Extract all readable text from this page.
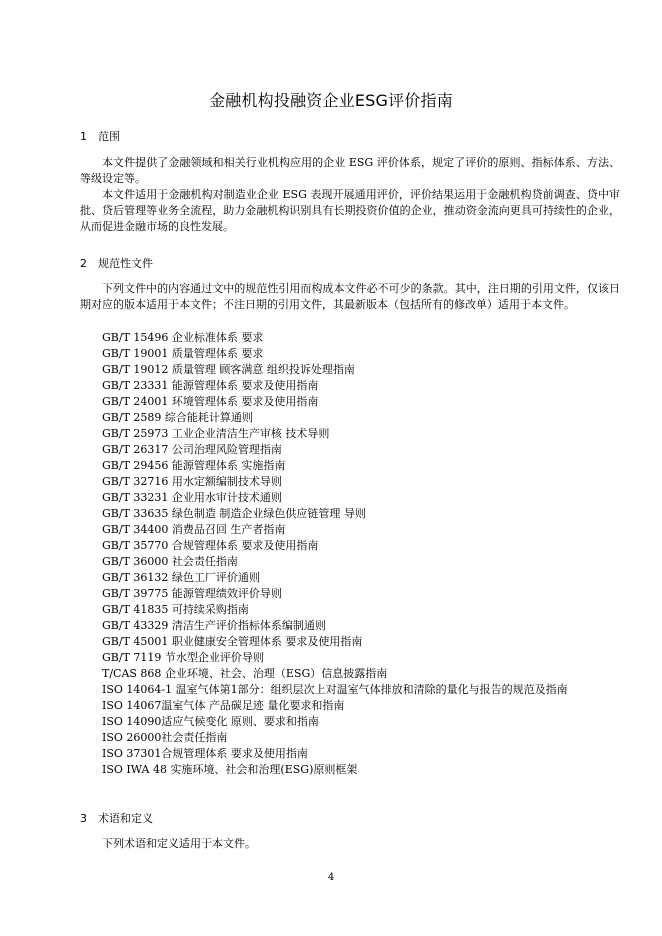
金融机构投融资企业ESG评价指南
1 范围

本文件提供了金融领域和相关行业机构应用的企业 ESG 评价体系，规定了评价的原则、指标体系、方法、等级设定等。

本文件适用于金融机构对制造业企业 ESG 表现开展通用评价，评价结果运用于金融机构贷前调查、贷中审批、贷后管理等业务全流程，助力金融机构识别具有长期投资价值的企业，推动资金流向更具可持续性的企业，从而促进金融市场的良性发展。

2 规范性文件

下列文件中的内容通过文中的规范性引用而构成本文件必不可少的条款。其中，注日期的引用文件，仅该日期对应的版本适用于本文件；不注日期的引用文件，其最新版本（包括所有的修改单）适用于本文件。

GB/T 15496 企业标准体系 要求
GB/T 19001 质量管理体系 要求
GB/T 19012 质量管理 顾客满意 组织投诉处理指南
GB/T 23331 能源管理体系 要求及使用指南
GB/T 24001 环境管理体系 要求及使用指南
GB/T 2589 综合能耗计算通则
GB/T 25973 工业企业清洁生产审核 技术导则
GB/T 26317 公司治理风险管理指南
GB/T 29456 能源管理体系 实施指南
GB/T 32716 用水定额编制技术导则
GB/T 33231 企业用水审计技术通则
GB/T 33635 绿色制造 制造企业绿色供应链管理 导则
GB/T 34400 消费品召回 生产者指南
GB/T 35770 合规管理体系 要求及使用指南
GB/T 36000 社会责任指南
GB/T 36132 绿色工厂评价通则
GB/T 39775 能源管理绩效评价导则
GB/T 41835 可持续采购指南
GB/T 43329 清洁生产评价指标体系编制通则
GB/T 45001 职业健康安全管理体系 要求及使用指南
GB/T 7119 节水型企业评价导则
T/CAS 868 企业环境、社会、治理（ESG）信息披露指南
ISO 14064-1 温室气体第1部分：组织层次上对温室气体排放和清除的量化与报告的规范及指南
ISO 14067温室气体 产品碳足迹 量化要求和指南
ISO 14090适应气候变化 原则、要求和指南
ISO 26000社会责任指南
ISO 37301合规管理体系 要求及使用指南
ISO IWA 48 实施环境、社会和治理(ESG)原则框架
3 术语和定义

下列术语和定义适用于本文件。

4
